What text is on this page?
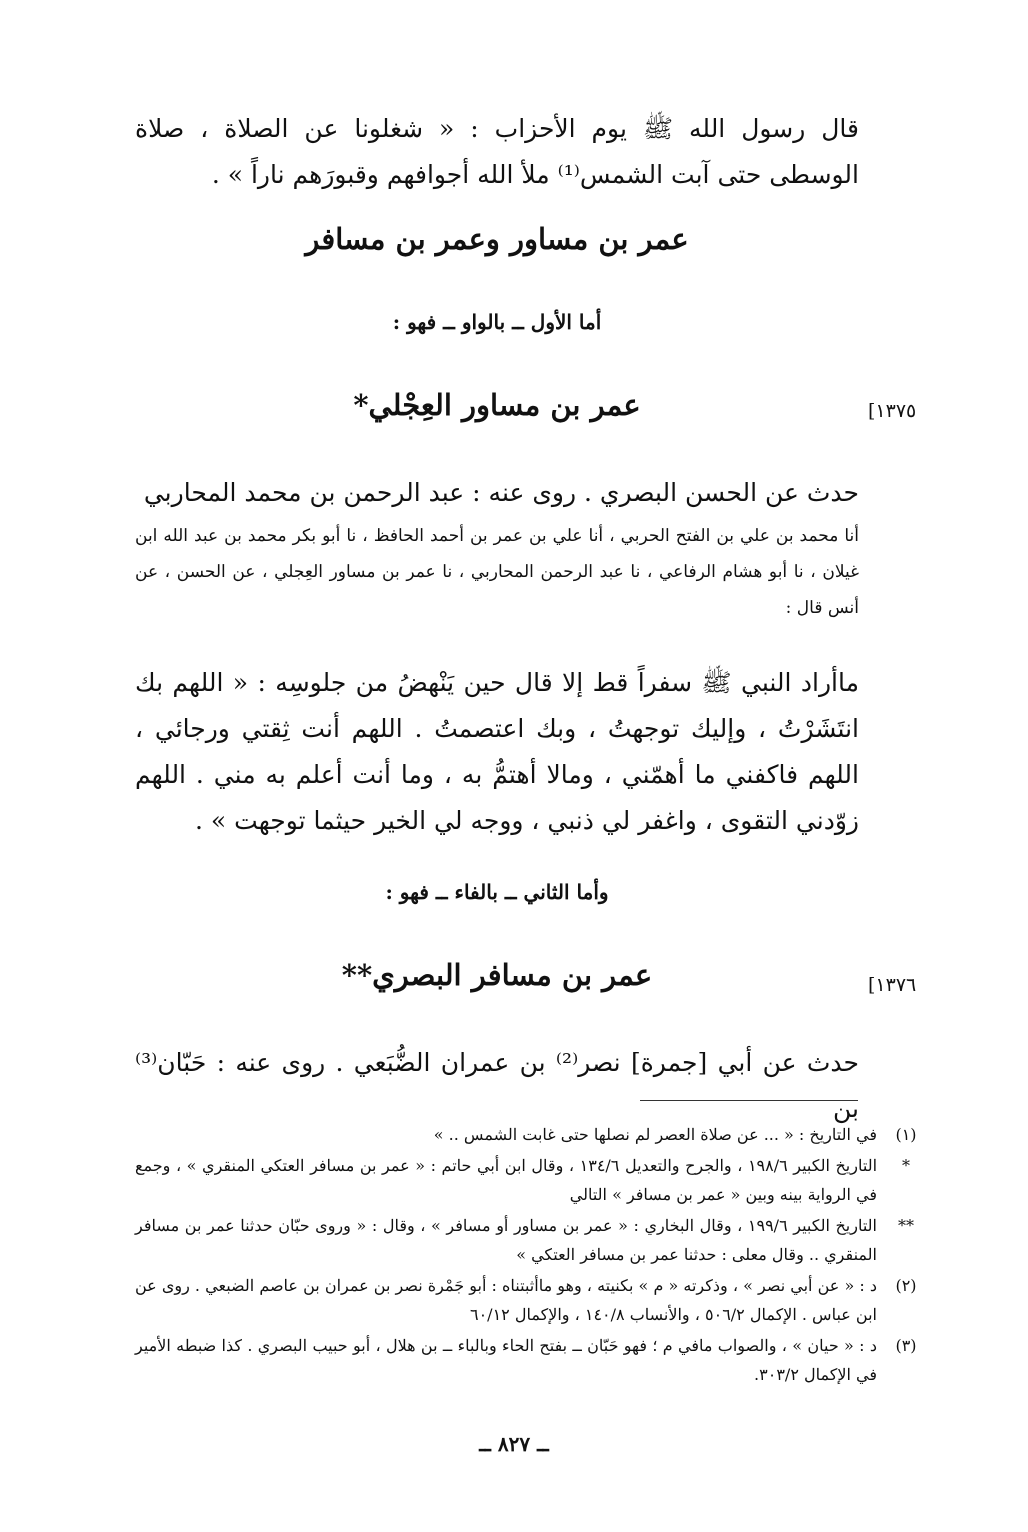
قال رسول الله ﷺ يوم الأحزاب : « شغلونا عن الصلاة ، صلاة الوسطى حتى آبت الشمس⁽¹⁾ ملأ الله أجوافهم وقبورَهم ناراً » .
عمر بن مساور وعمر بن مسافر
أما الأول ــ بالواو ــ فهو :
[١٣٧٥
عمر بن مساور العِجْلي*
حدث عن الحسن البصري . روى عنه : عبد الرحمن بن محمد المحاربي
أنا محمد بن علي بن الفتح الحربي ، أنا علي بن عمر بن أحمد الحافظ ، نا أبو بكر محمد بن عبد الله ابن غيلان ، نا أبو هشام الرفاعي ، نا عبد الرحمن المحاربي ، نا عمر بن مساور العِجلي ، عن الحسن ، عن أنس قال :
ماأراد النبي ﷺ سفراً قط إلا قال حين يَنْهضُ من جلوسِه : « اللهم بك انتَشَرْتُ ، وإليك توجهتُ ، وبك اعتصمتُ . اللهم أنت ثِقتي ورجائي ، اللهم فاكفني ما أهمّني ، ومالا أهتمُّ به ، وما أنت أعلم به مني . اللهم زوّدني التقوى ، واغفر لي ذنبي ، ووجه لي الخير حيثما توجهت » .
وأما الثاني ــ بالفاء ــ فهو :
[١٣٧٦
عمر بن مسافر البصري**
حدث عن أبي [جمرة] نصر⁽²⁾ بن عمران الضُّبَعي . روى عنه : حَبّان⁽³⁾ بن
(١)
في التاريخ : « ... عن صلاة العصر لم نصلها حتى غابت الشمس .. »
*
التاريخ الكبير ١٩٨/٦ ، والجرح والتعديل ١٣٤/٦ ، وقال ابن أبي حاتم : « عمر بن مسافر العتكي المنقري » ، وجمع في الرواية بينه وبين « عمر بن مسافر » التالي
**
التاريخ الكبير ١٩٩/٦ ، وقال البخاري : « عمر بن مساور أو مسافر » ، وقال : « وروى حبّان حدثنا عمر بن مسافر المنقري .. وقال معلى : حدثنا عمر بن مسافر العتكي »
(٢)
د : « عن أبي نصر » ، وذكرته « م » بكنيته ، وهو ماأثبتناه : أبو جَمْرة نصر بن عمران بن عاصم الضبعي . روى عن ابن عباس . الإكمال ٥٠٦/٢ ، والأنساب ١٤٠/٨ ، والإكمال ٦٠/١٢
(٣)
د : « حيان » ، والصواب مافي م ؛ فهو حَبّان ــ بفتح الحاء وبالباء ــ بن هلال ، أبو حبيب البصري . كذا ضبطه الأمير في الإكمال ٣٠٣/٢.
ــ ٨٢٧ ــ
